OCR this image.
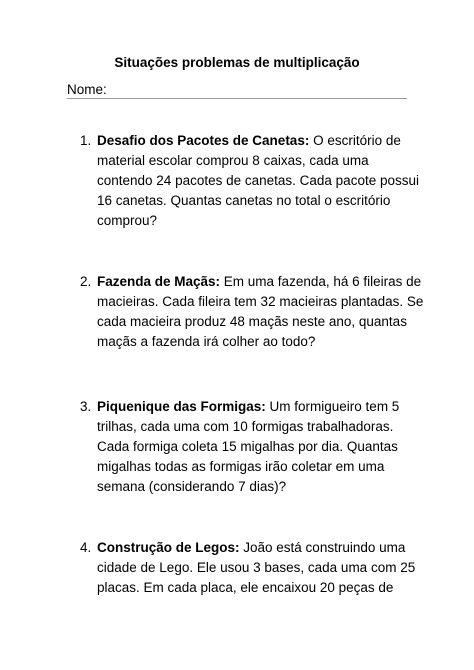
Situações problemas de multiplicação
Nome:
1. Desafio dos Pacotes de Canetas: O escritório de
material escolar comprou 8 caixas, cada uma
contendo 24 pacotes de canetas. Cada pacote possui
16 canetas. Quantas canetas no total o escritório
comprou?
2. Fazenda de Maçãs: Em uma fazenda, há 6 fileiras de
macieiras. Cada fileira tem 32 macieiras plantadas. Se
cada macieira produz 48 maçãs neste ano, quantas
maçãs a fazenda irá colher ao todo?
3. Piquenique das Formigas: Um formigueiro tem 5
trilhas, cada uma com 10 formigas trabalhadoras.
Cada formiga coleta 15 migalhas por dia. Quantas
migalhas todas as formigas irão coletar em uma
semana (considerando 7 dias)?
4. Construção de Legos: João está construindo uma
cidade de Lego. Ele usou 3 bases, cada uma com 25
placas. Em cada placa, ele encaixou 20 peças de
